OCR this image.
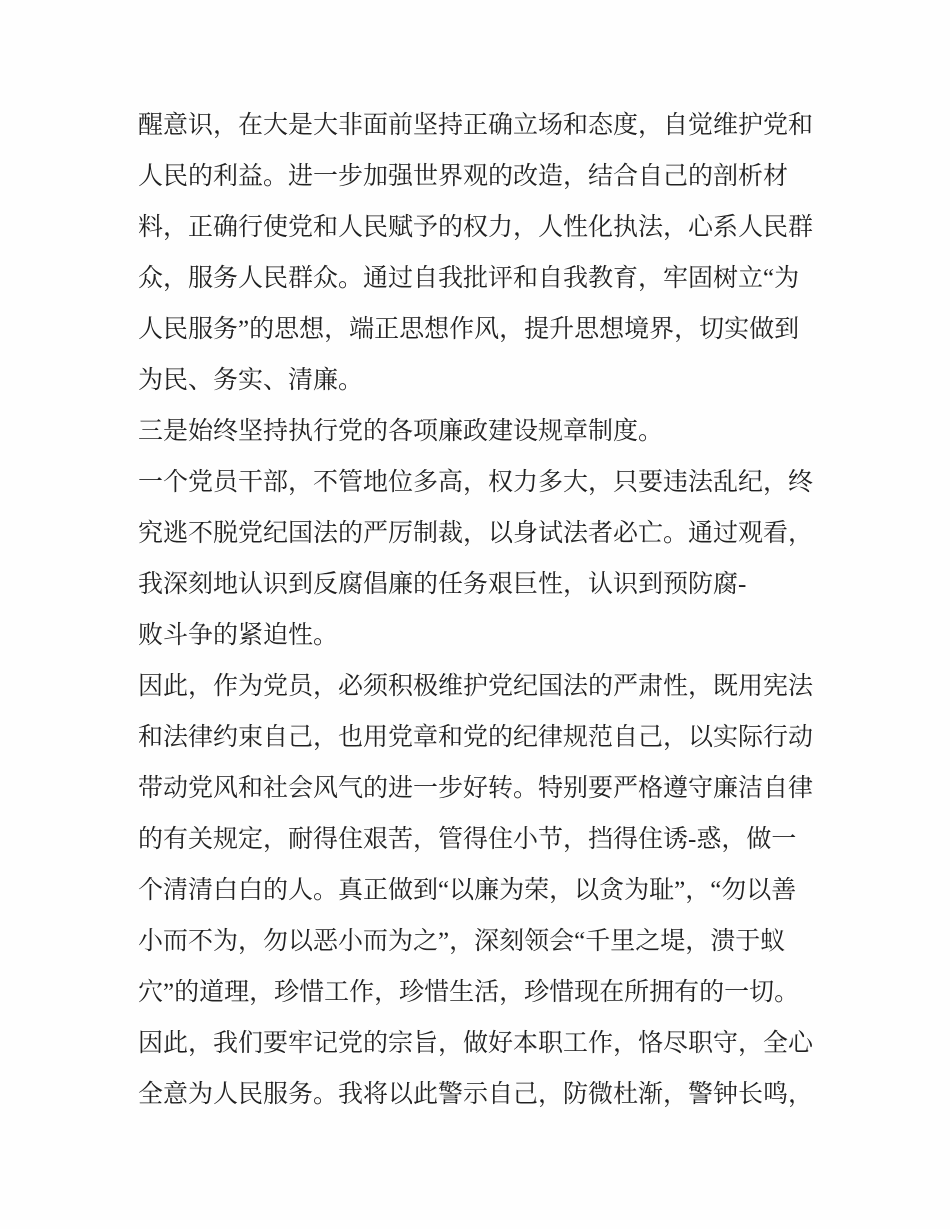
醒意识，在大是大非面前坚持正确立场和态度，自觉维护党和
人民的利益。进一步加强世界观的改造，结合自己的剖析材
料，正确行使党和人民赋予的权力，人性化执法，心系人民群
众，服务人民群众。通过自我批评和自我教育，牢固树立“为
人民服务”的思想，端正思想作风，提升思想境界，切实做到
为民、务实、清廉。
三是始终坚持执行党的各项廉政建设规章制度。
一个党员干部，不管地位多高，权力多大，只要违法乱纪，终
究逃不脱党纪国法的严厉制裁，以身试法者必亡。通过观看，
我深刻地认识到反腐倡廉的任务艰巨性，认识到预防腐-
败斗争的紧迫性。
因此，作为党员，必须积极维护党纪国法的严肃性，既用宪法
和法律约束自己，也用党章和党的纪律规范自己，以实际行动
带动党风和社会风气的进一步好转。特别要严格遵守廉洁自律
的有关规定，耐得住艰苦，管得住小节，挡得住诱-惑，做一
个清清白白的人。真正做到“以廉为荣，以贪为耻”，“勿以善
小而不为，勿以恶小而为之”，深刻领会“千里之堤，溃于蚁
穴”的道理，珍惜工作，珍惜生活，珍惜现在所拥有的一切。
因此，我们要牢记党的宗旨，做好本职工作，恪尽职守，全心
全意为人民服务。我将以此警示自己，防微杜渐，警钟长鸣，
